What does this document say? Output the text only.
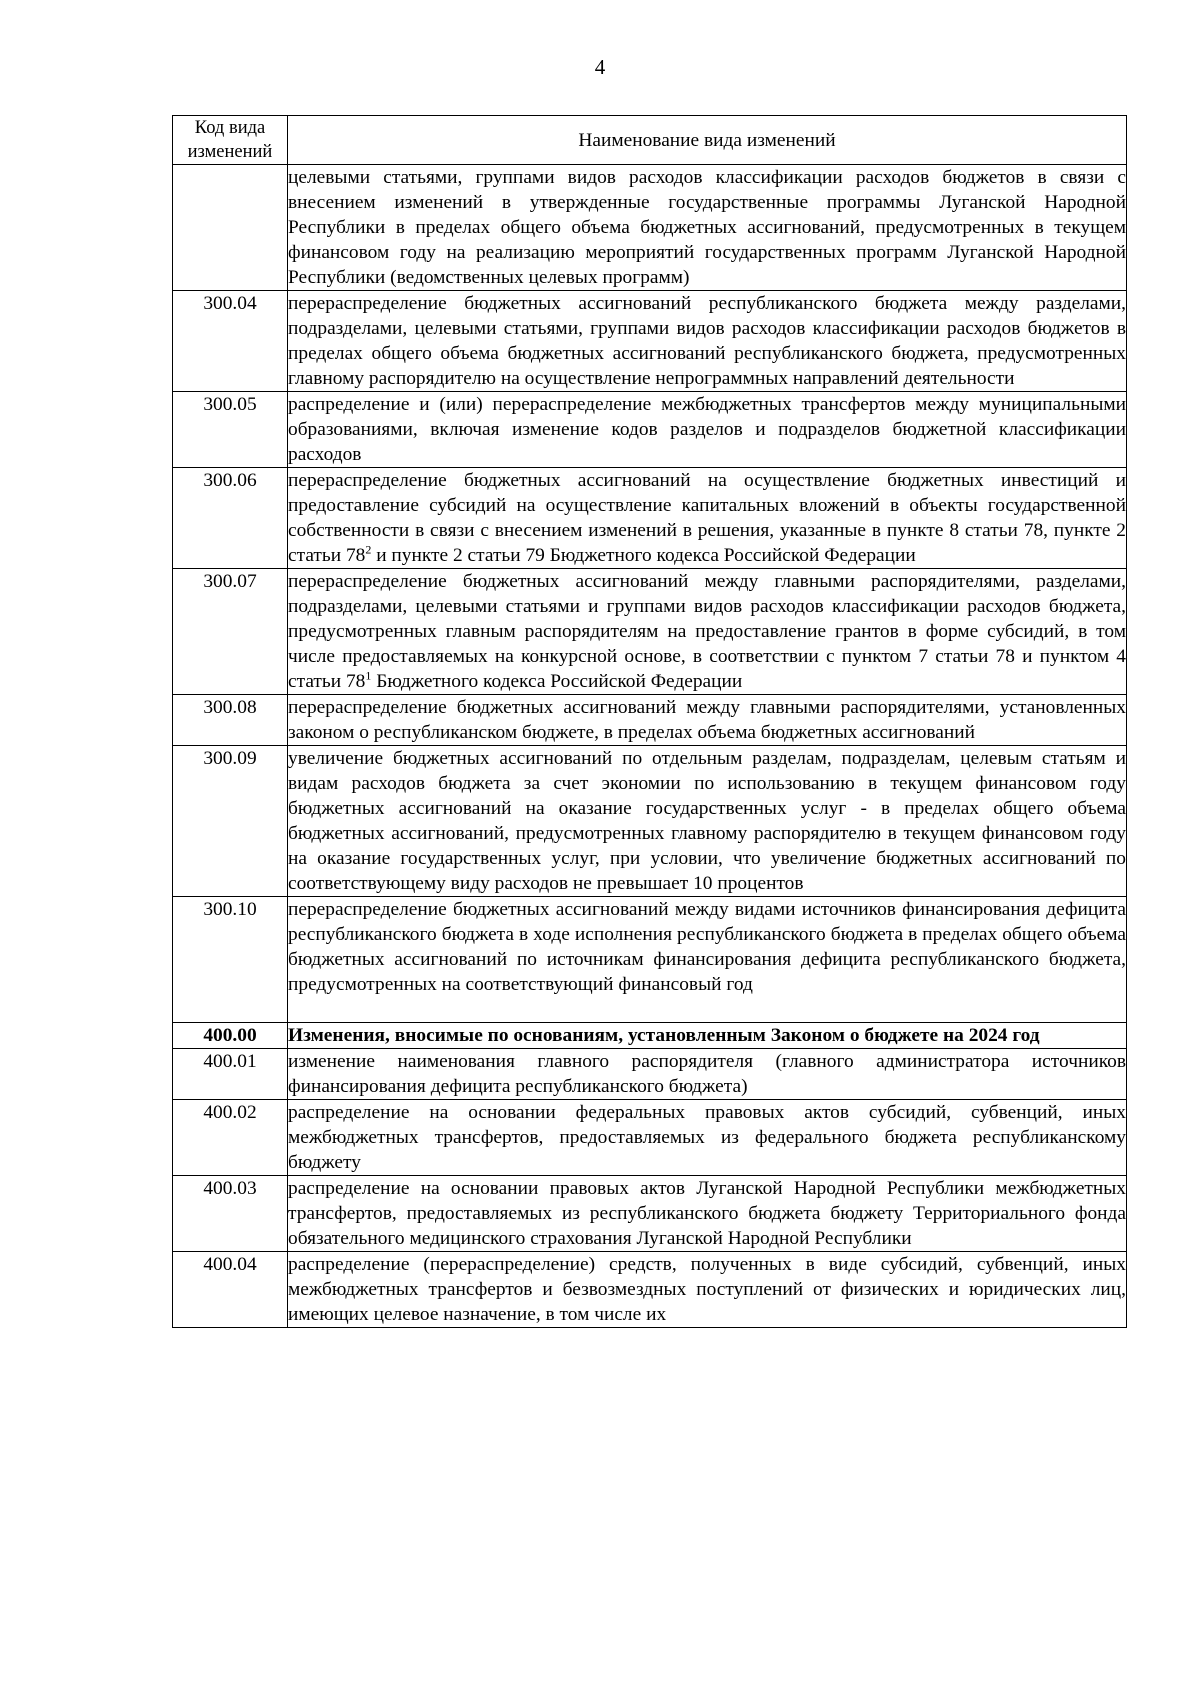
4
Код вида изменений	Наименование вида изменений
	целевыми статьями, группами видов расходов классификации расходов бюджетов в связи с внесением изменений в утвержденные государственные программы Луганской Народной Республики в пределах общего объема бюджетных ассигнований, предусмотренных в текущем финансовом году на реализацию мероприятий государственных программ Луганской Народной Республики (ведомственных целевых программ)
300.04	перераспределение бюджетных ассигнований республиканского бюджета между разделами, подразделами, целевыми статьями, группами видов расходов классификации расходов бюджетов в пределах общего объема бюджетных ассигнований республиканского бюджета, предусмотренных главному распорядителю на осуществление непрограммных направлений деятельности
300.05	распределение и (или) перераспределение межбюджетных трансфертов между муниципальными образованиями, включая изменение кодов разделов и подразделов бюджетной классификации расходов
300.06	перераспределение бюджетных ассигнований на осуществление бюджетных инвестиций и предоставление субсидий на осуществление капитальных вложений в объекты государственной собственности в связи с внесением изменений в решения, указанные в пункте 8 статьи 78, пункте 2 статьи $78^2$ и пункте 2 статьи 79 Бюджетного кодекса Российской Федерации
300.07	перераспределение бюджетных ассигнований между главными распорядителями, разделами, подразделами, целевыми статьями и группами видов расходов классификации расходов бюджета, предусмотренных главным распорядителям на предоставление грантов в форме субсидий, в том числе предоставляемых на конкурсной основе, в соответствии с пунктом 7 статьи 78 и пунктом 4 статьи $78^1$ Бюджетного кодекса Российской Федерации
300.08	перераспределение бюджетных ассигнований между главными распорядителями, установленных законом о республиканском бюджете, в пределах объема бюджетных ассигнований
300.09	увеличение бюджетных ассигнований по отдельным разделам, подразделам, целевым статьям и видам расходов бюджета за счет экономии по использованию в текущем финансовом году бюджетных ассигнований на оказание государственных услуг - в пределах общего объема бюджетных ассигнований, предусмотренных главному распорядителю в текущем финансовом году на оказание государственных услуг, при условии, что увеличение бюджетных ассигнований по соответствующему виду расходов не превышает 10 процентов
300.10	перераспределение бюджетных ассигнований между видами источников финансирования дефицита республиканского бюджета в ходе исполнения республиканского бюджета в пределах общего объема бюджетных ассигнований по источникам финансирования дефицита республиканского бюджета, предусмотренных на соответствующий финансовый год

400.00	Изменения, вносимые по основаниям, установленным Законом о бюджете на 2024 год
400.01	изменение наименования главного распорядителя (главного администратора источников финансирования дефицита республиканского бюджета)
400.02	распределение на основании федеральных правовых актов субсидий, субвенций, иных межбюджетных трансфертов, предоставляемых из федерального бюджета республиканскому бюджету
400.03	распределение на основании правовых актов Луганской Народной Республики межбюджетных трансфертов, предоставляемых из республиканского бюджета бюджету Территориального фонда обязательного медицинского страхования Луганской Народной Республики
400.04	распределение (перераспределение) средств, полученных в виде субсидий, субвенций, иных межбюджетных трансфертов и безвозмездных поступлений от физических и юридических лиц, имеющих целевое назначение, в том числе их
